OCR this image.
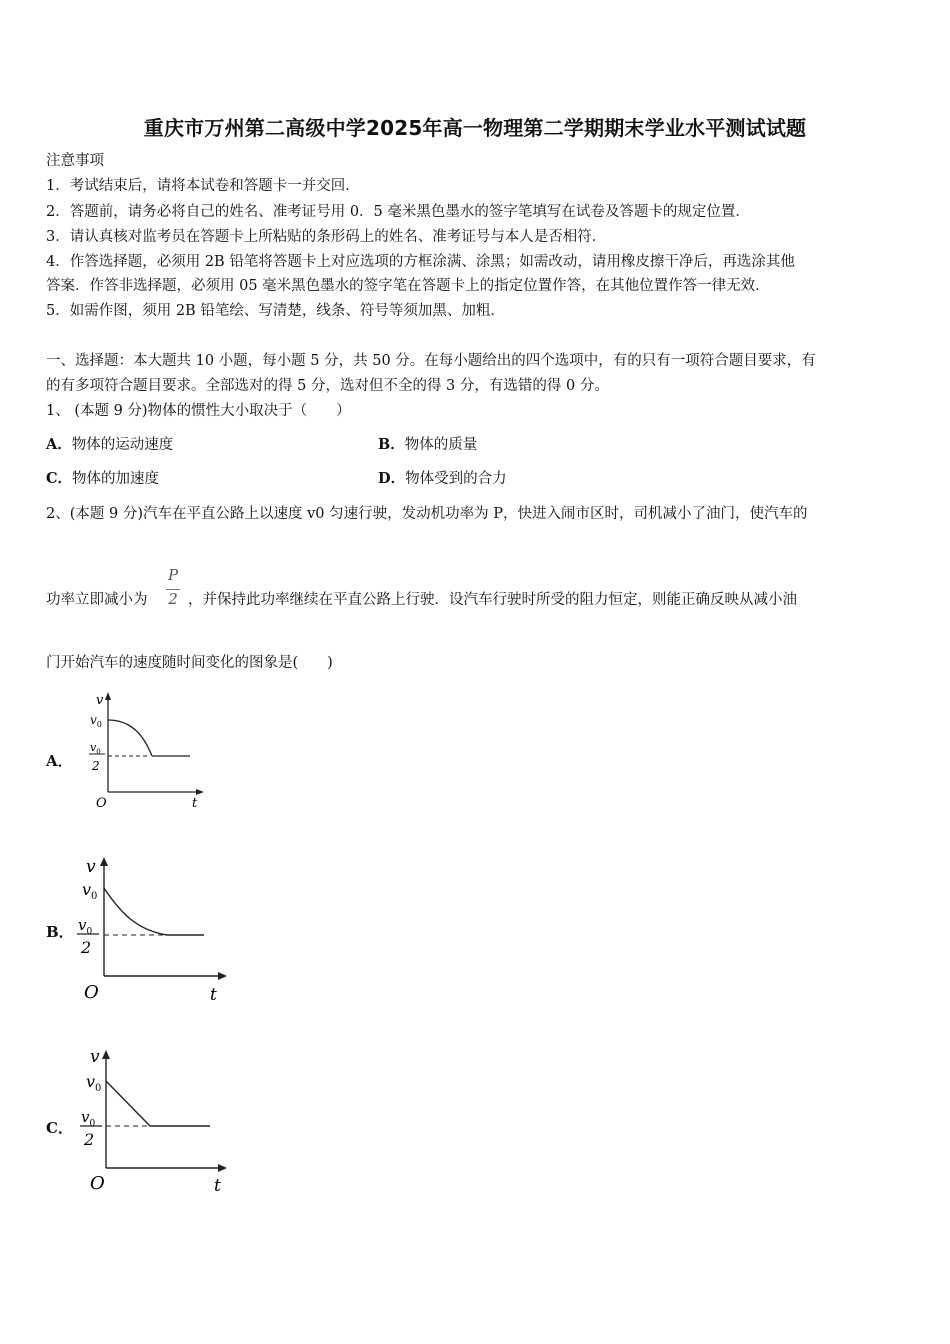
重庆市万州第二高级中学2025年高一物理第二学期期末学业水平测试试题
注意事项
1．考试结束后，请将本试卷和答题卡一并交回．
2．答题前，请务必将自己的姓名、准考证号用 0．5 毫米黑色墨水的签字笔填写在试卷及答题卡的规定位置．
3．请认真核对监考员在答题卡上所粘贴的条形码上的姓名、准考证号与本人是否相符．
4．作答选择题，必须用 2B 铅笔将答题卡上对应选项的方框涂满、涂黑；如需改动，请用橡皮擦干净后，再选涂其他
答案．作答非选择题，必须用 05 毫米黑色墨水的签字笔在答题卡上的指定位置作答，在其他位置作答一律无效．
5．如需作图，须用 2B 铅笔绘、写清楚，线条、符号等须加黑、加粗．
一、选择题：本大题共 10 小题，每小题 5 分，共 50 分。在每小题给出的四个选项中，有的只有一项符合题目要求，有
的有多项符合题目要求。全部选对的得 5 分，选对但不全的得 3 分，有选错的得 0 分。
1、 (本题 9 分)物体的惯性大小取决于（　　）
A．物体的运动速度	B．物体的质量
C．物体的加速度	D．物体受到的合力
2、(本题 9 分)汽车在平直公路上以速度 v0 匀速行驶，发动机功率为 P，快进入闹市区时，司机减小了油门，使汽车的
功率立即减小为
P
2 ，并保持此功率继续在平直公路上行驶．设汽车行驶时所受的阻力恒定，则能正确反映从减小油
门开始汽车的速度随时间变化的图象是(　　)
A．
v
$v_0$
$v_0$
2
O	t
B．
v
$v_0$
$v_0$
2
O	t
C．
v
$v_0$
$v_0$
2
O	t
